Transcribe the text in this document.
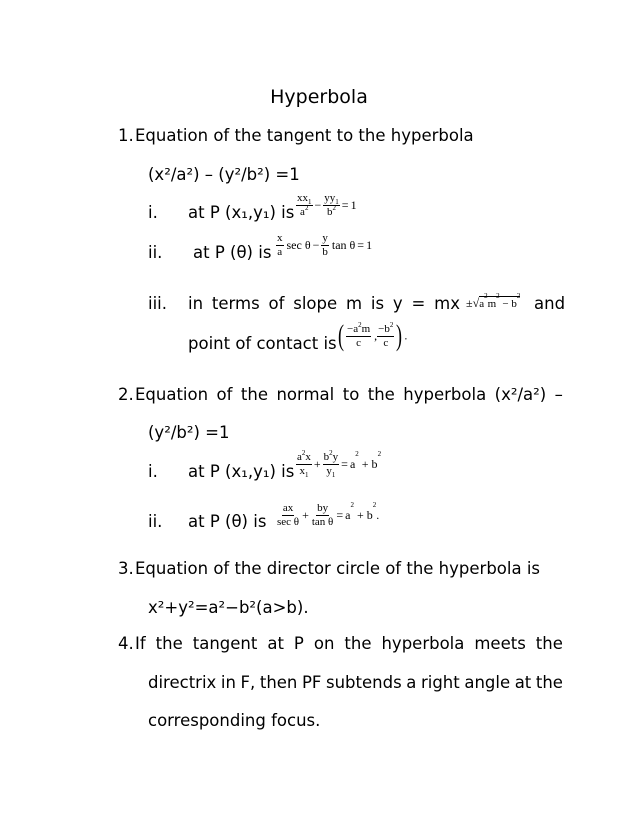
Hyperbola
1. Equation of the tangent to the hyperbola
(x²/a²) – (y²/b²) =1
i. at P (x₁,y₁) is $\frac{xx_1}{a^2} - \frac{yy_1}{b^2} = 1$
ii. at P (θ) is $\frac{x}{a}$ $\sec \theta - \frac{y}{b}$ tan θ = 1
iii. in terms of slope m is y = mx $\pm√a^2m^2 - b^2$ and
point of contact is ( $\frac{-a^2m}{c}$ , $\frac{-b^2}{c}$ ) .
2. Equation of the normal to the hyperbola (x²/a²) –
(y²/b²) =1
i. at P (x₁,y₁) is $\frac{a^2x}{x_1} + \frac{b^2y}{y_1} = a^2 + b^2$
ii. at P (θ) is $\frac{ax}{\text{sec θ}} + \frac{by}{\text{tan θ}} = a^2 + b^2$.
3. Equation of the director circle of the hyperbola is
x²+y²=a²−b²(a>b).
4. If the tangent at P on the hyperbola meets the
directrix in F, then PF subtends a right angle at the
corresponding focus.
